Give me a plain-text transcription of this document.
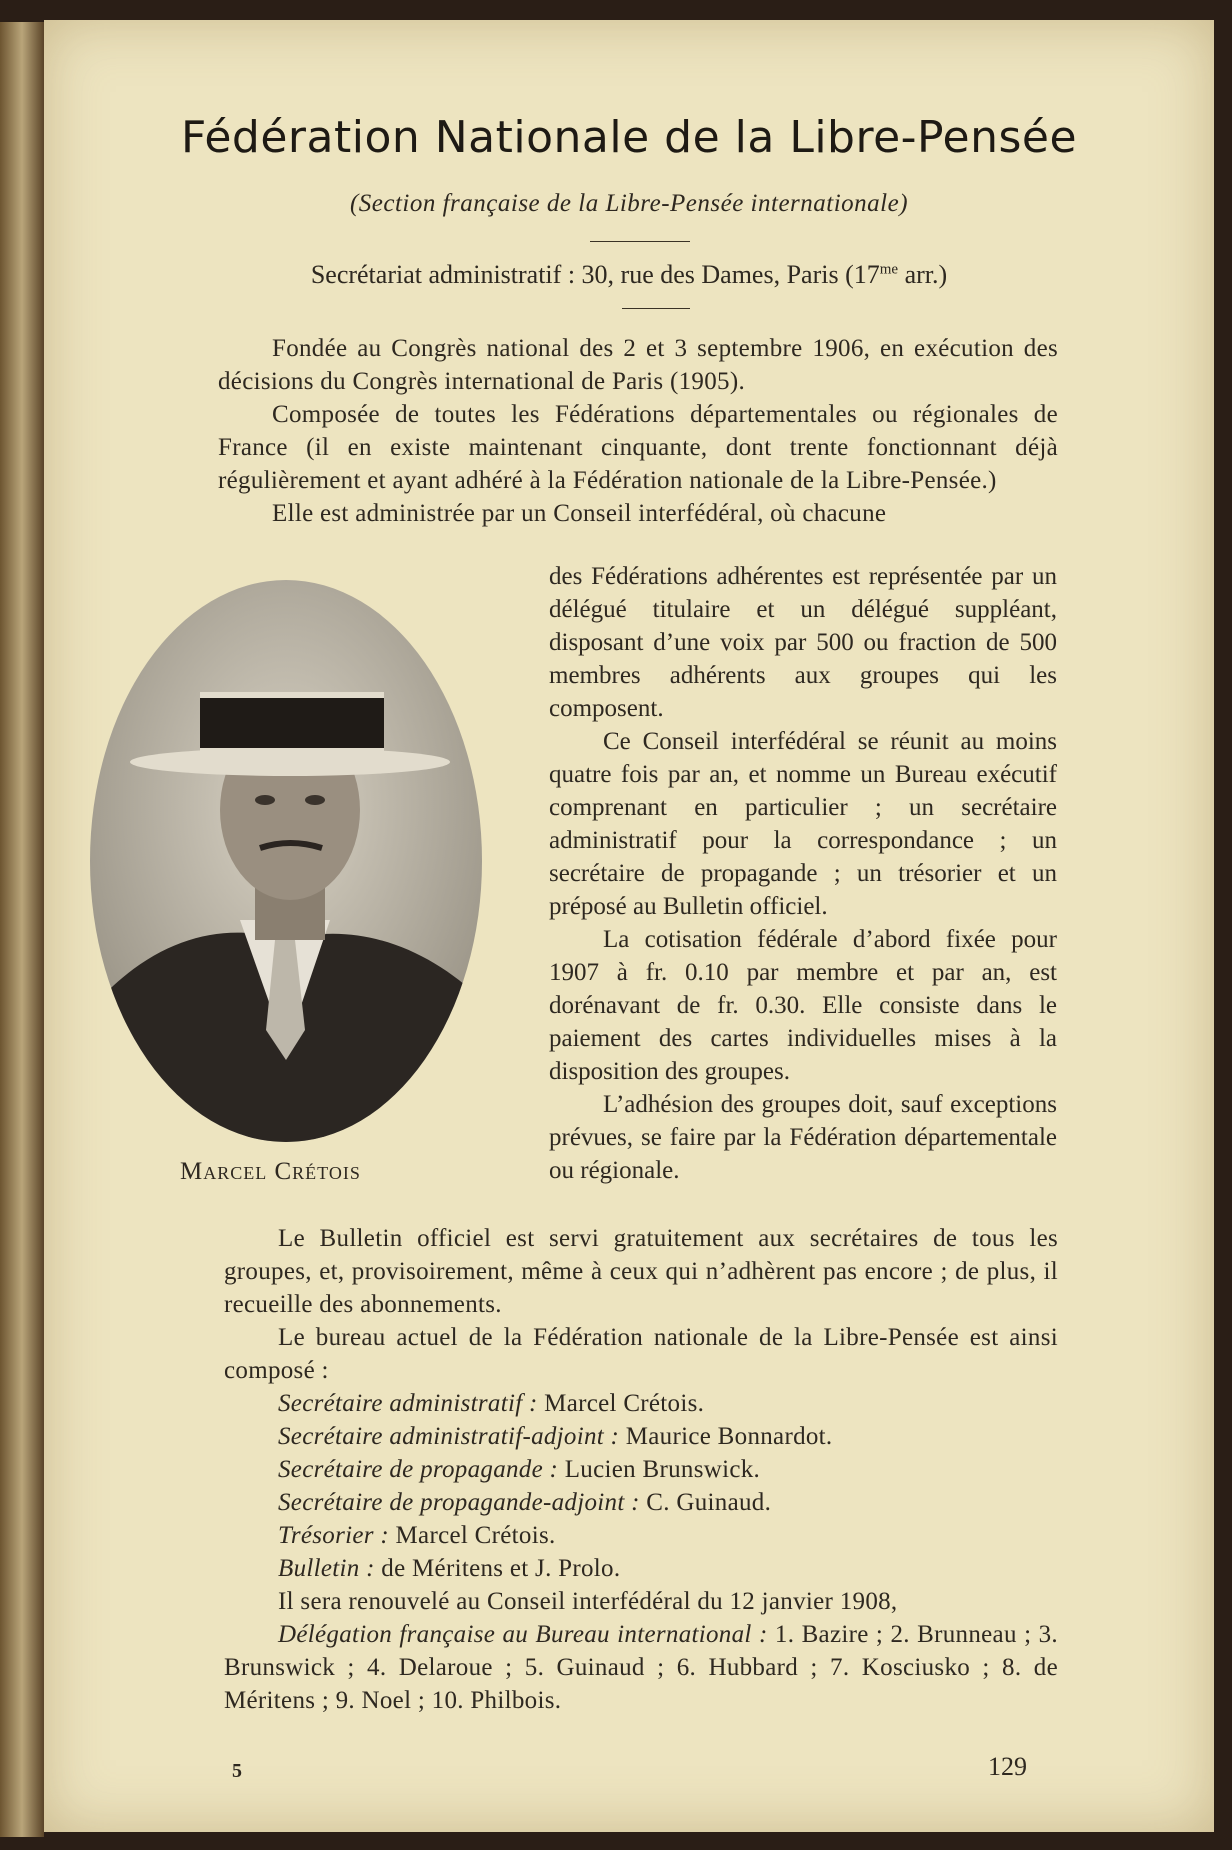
Fédération Nationale de la Libre-Pensée
(Section française de la Libre-Pensée internationale)
Secrétariat administratif : 30, rue des Dames, Paris ($17^{me}$ arr.)

Fondée au Congrès national des 2 et 3 septembre 1906, en exécution des décisions du Congrès international de Paris (1905).

Composée de toutes les Fédérations départementales ou régionales de France (il en existe maintenant cinquante, dont trente fonctionnant déjà régulièrement et ayant adhéré à la Fédération nationale de la Libre-Pensée.)

Elle est administrée par un Conseil interfédéral, où chacune

Marcel Crétois

des Fédérations adhérentes est représentée par un délégué titulaire et un délégué suppléant, disposant d’une voix par 500 ou fraction de 500 membres adhérents aux groupes qui les composent.

Ce Conseil interfédéral se réunit au moins quatre fois par an, et nomme un Bureau exécutif comprenant en particulier ; un secrétaire administratif pour la correspondance ; un secrétaire de propagande ; un trésorier et un préposé au Bulletin officiel.

La cotisation fédérale d’abord fixée pour 1907 à fr. 0.10 par membre et par an, est dorénavant de fr. 0.30. Elle consiste dans le paiement des cartes individuelles mises à la disposition des groupes.

L’adhésion des groupes doit, sauf exceptions prévues, se faire par la Fédération départementale ou régionale.

Le Bulletin officiel est servi gratuitement aux secrétaires de tous les groupes, et, provisoirement, même à ceux qui n’adhèrent pas encore ; de plus, il recueille des abonnements.

Le bureau actuel de la Fédération nationale de la Libre-Pensée est ainsi composé :

Secrétaire administratif : Marcel Crétois.

Secrétaire administratif-adjoint : Maurice Bonnardot.

Secrétaire de propagande : Lucien Brunswick.

Secrétaire de propagande-adjoint : C. Guinaud.

Trésorier : Marcel Crétois.

Bulletin : de Méritens et J. Prolo.

Il sera renouvelé au Conseil interfédéral du 12 janvier 1908,

Délégation française au Bureau international : 1. Bazire ; 2. Brunneau ; 3. Brunswick ; 4. Delaroue ; 5. Guinaud ; 6. Hubbard ; 7. Kosciusko ; 8. de Méritens ; 9. Noel ; 10. Philbois.

5	129
